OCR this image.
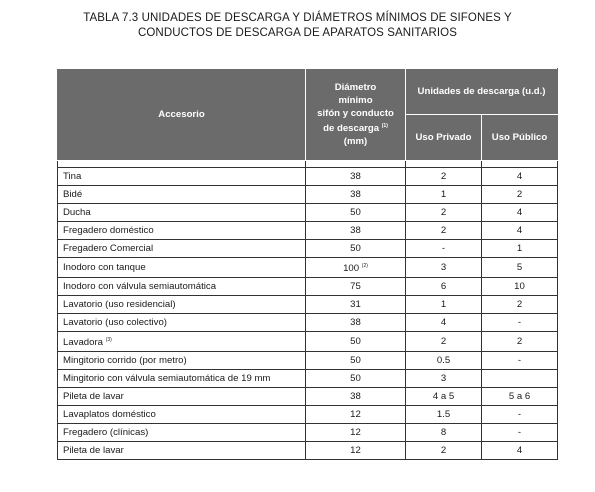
TABLA 7.3 UNIDADES DE DESCARGA Y DIÁMETROS MÍNIMOS DE SIFONES Y
CONDUCTOS DE DESCARGA DE APARATOS SANITARIOS
Accesorio	Diámetro
mínimo
sifón y conducto
de descarga $^{(1)}$
(mm)	Unidades de descarga (u.d.)	
		Uso Privado	Uso Público

Tina	38	2	4
Bidé	38	1	2
Ducha	50	2	4
Fregadero doméstico	38	2	4
Fregadero Comercial	50	-	1
Inodoro con tanque	100 $^{(2)}$	3	5
Inodoro con válvula semiautomática	75	6	10
Lavatorio (uso residencial)	31	1	2
Lavatorio (uso colectivo)	38	4	-
Lavadora $^{(3)}$	50	2	2
Mingitorio corrido (por metro)	50	0.5	-
Mingitorio con válvula semiautomática de 19 mm	50	3	
Pileta de lavar	38	4 a 5	5 a 6
Lavaplatos doméstico	12	1.5	-
Fregadero (clínicas)	12	8	-
Pileta de lavar	12	2	4
